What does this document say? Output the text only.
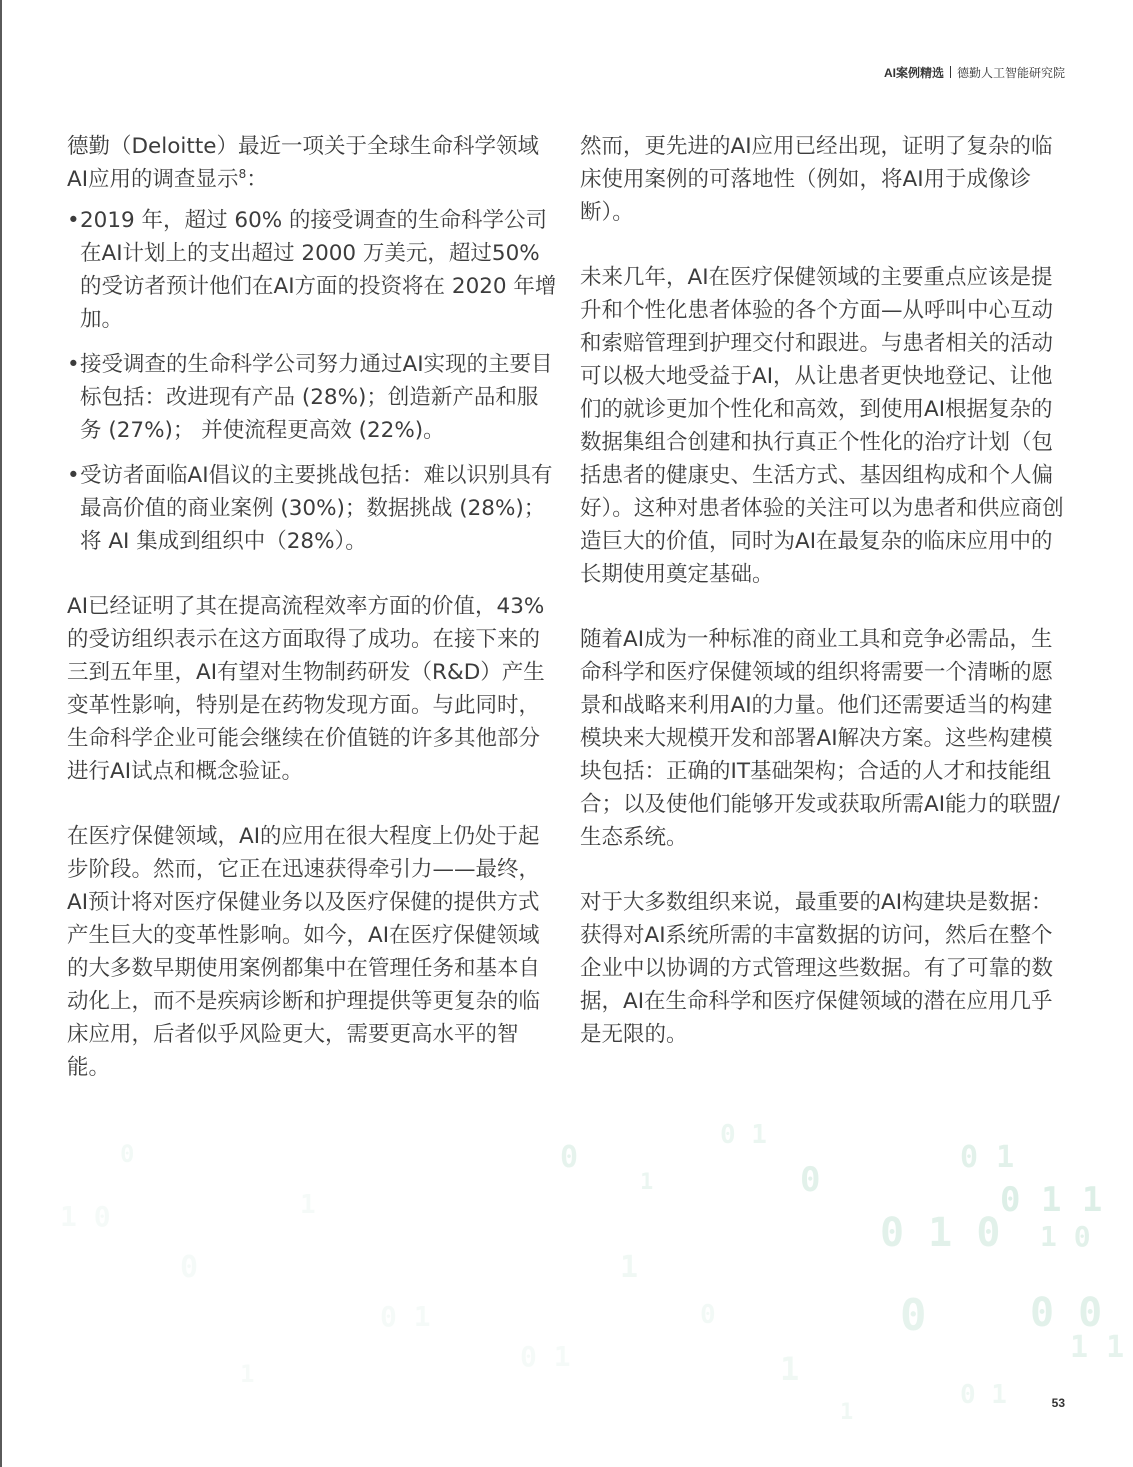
AI案例精选 德勤人工智能研究院

德勤（Deloitte）最近一项关于全球生命科学领域AI应用的调查显示$^8$：

• 2019 年，超过 60% 的接受调查的生命科学公司在AI计划上的支出超过 2000 万美元，超过50% 的受访者预计他们在AI方面的投资将在 2020 年增加。
• 接受调查的生命科学公司努力通过AI实现的主要目标包括：改进现有产品 (28%)；创造新产品和服务 (27%)； 并使流程更高效 (22%)。
• 受访者面临AI倡议的主要挑战包括：难以识别具有最高价值的商业案例 (30%)；数据挑战 (28%)； 将 AI 集成到组织中（28%）。

AI已经证明了其在提高流程效率方面的价值，43%的受访组织表示在这方面取得了成功。在接下来的三到五年里，AI有望对生物制药研发（R&D）产生变革性影响，特别是在药物发现方面。与此同时，生命科学企业可能会继续在价值链的许多其他部分进行AI试点和概念验证。

在医疗保健领域，AI的应用在很大程度上仍处于起步阶段。然而，它正在迅速获得牵引力——最终，AI预计将对医疗保健业务以及医疗保健的提供方式产生巨大的变革性影响。如今，AI在医疗保健领域的大多数早期使用案例都集中在管理任务和基本自动化上，而不是疾病诊断和护理提供等更复杂的临床应用，后者似乎风险更大，需要更高水平的智能。

然而，更先进的AI应用已经出现，证明了复杂的临床使用案例的可落地性（例如，将AI用于成像诊断）。

未来几年，AI在医疗保健领域的主要重点应该是提升和个性化患者体验的各个方面—从呼叫中心互动和索赔管理到护理交付和跟进。与患者相关的活动可以极大地受益于AI，从让患者更快地登记、让他们的就诊更加个性化和高效，到使用AI根据复杂的数据集组合创建和执行真正个性化的治疗计划（包括患者的健康史、生活方式、基因组构成和个人偏好）。这种对患者体验的关注可以为患者和供应商创造巨大的价值，同时为AI在最复杂的临床应用中的长期使用奠定基础。

随着AI成为一种标准的商业工具和竞争必需品，生命科学和医疗保健领域的组织将需要一个清晰的愿景和战略来利用AI的力量。他们还需要适当的构建模块来大规模开发和部署AI解决方案。这些构建模块包括：正确的IT基础架构；合适的人才和技能组合；以及使他们能够开发或获取所需AI能力的联盟/生态系统。

对于大多数组织来说，最重要的AI构建块是数据：获得对AI系统所需的丰富数据的访问，然后在整个企业中以协调的方式管理这些数据。有了可靠的数据，AI在生命科学和医疗保健领域的潜在应用几乎是无限的。

0
1
0 1
0
0 1 0
0 1
0 1 1
1 0
0	0 0
1 1
1
0
1
0 1
0
1 0
0
1
0 1
1
0 1
1	53
